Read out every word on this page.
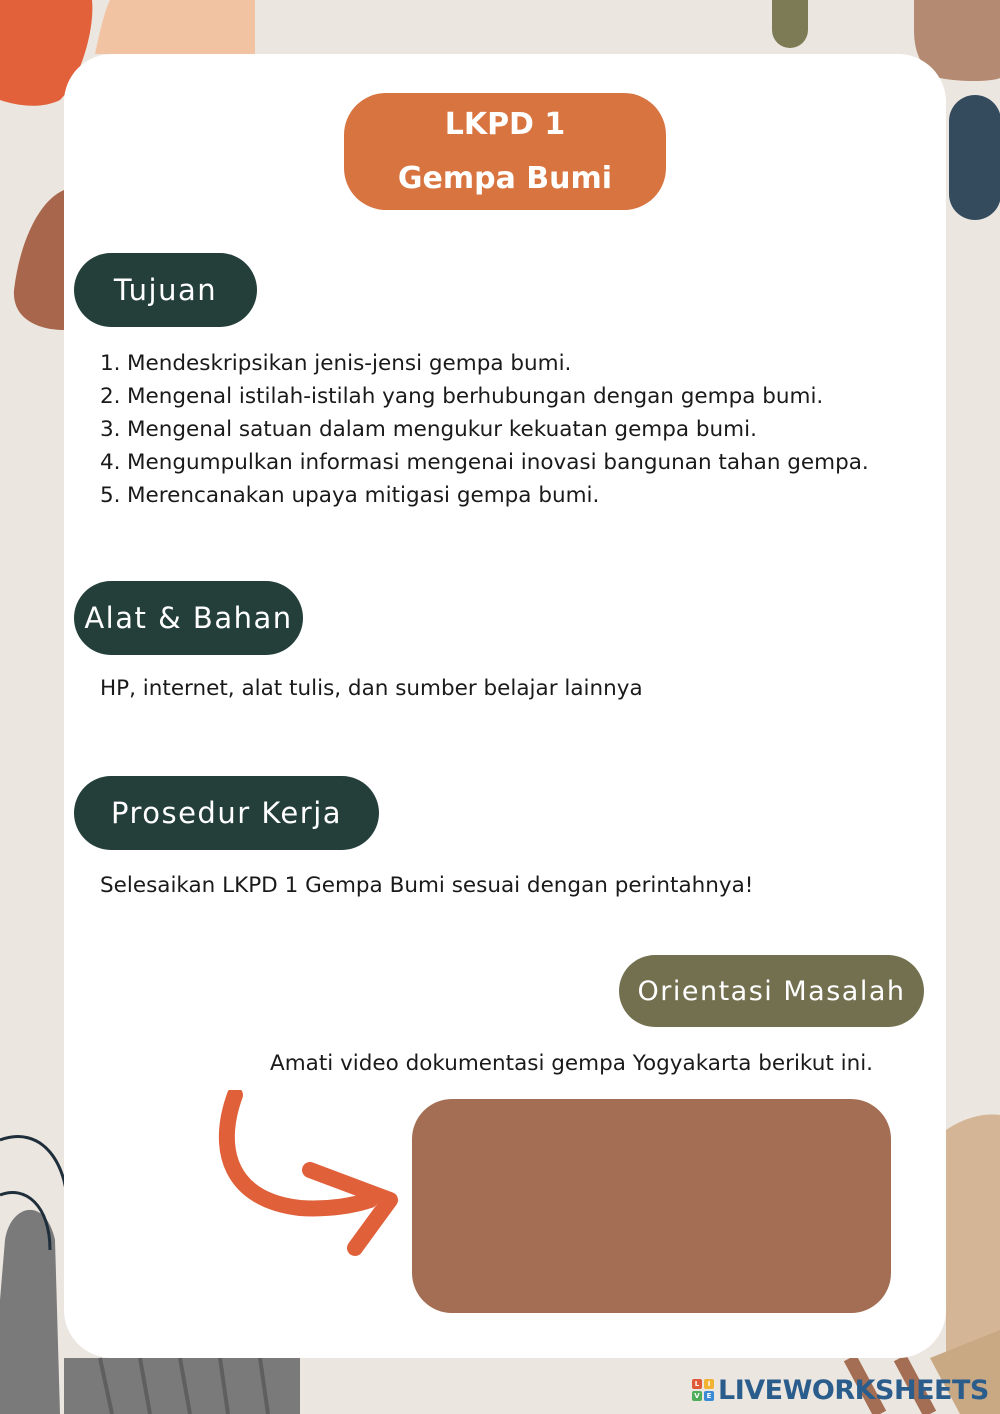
LKPD 1
Gempa Bumi
Tujuan
1. Mendeskripsikan jenis-jensi gempa bumi.
2. Mengenal istilah-istilah yang berhubungan dengan gempa bumi.
3. Mengenal satuan dalam mengukur kekuatan gempa bumi.
4. Mengumpulkan informasi mengenai inovasi bangunan tahan gempa.
5. Merencanakan upaya mitigasi gempa bumi.
Alat & Bahan
HP, internet, alat tulis, dan sumber belajar lainnya
Prosedur Kerja
Selesaikan LKPD 1 Gempa Bumi sesuai dengan perintahnya!
Orientasi Masalah
Amati video dokumentasi gempa Yogyakarta berikut ini.
L	I
V E LIVEWORKSHEETS
